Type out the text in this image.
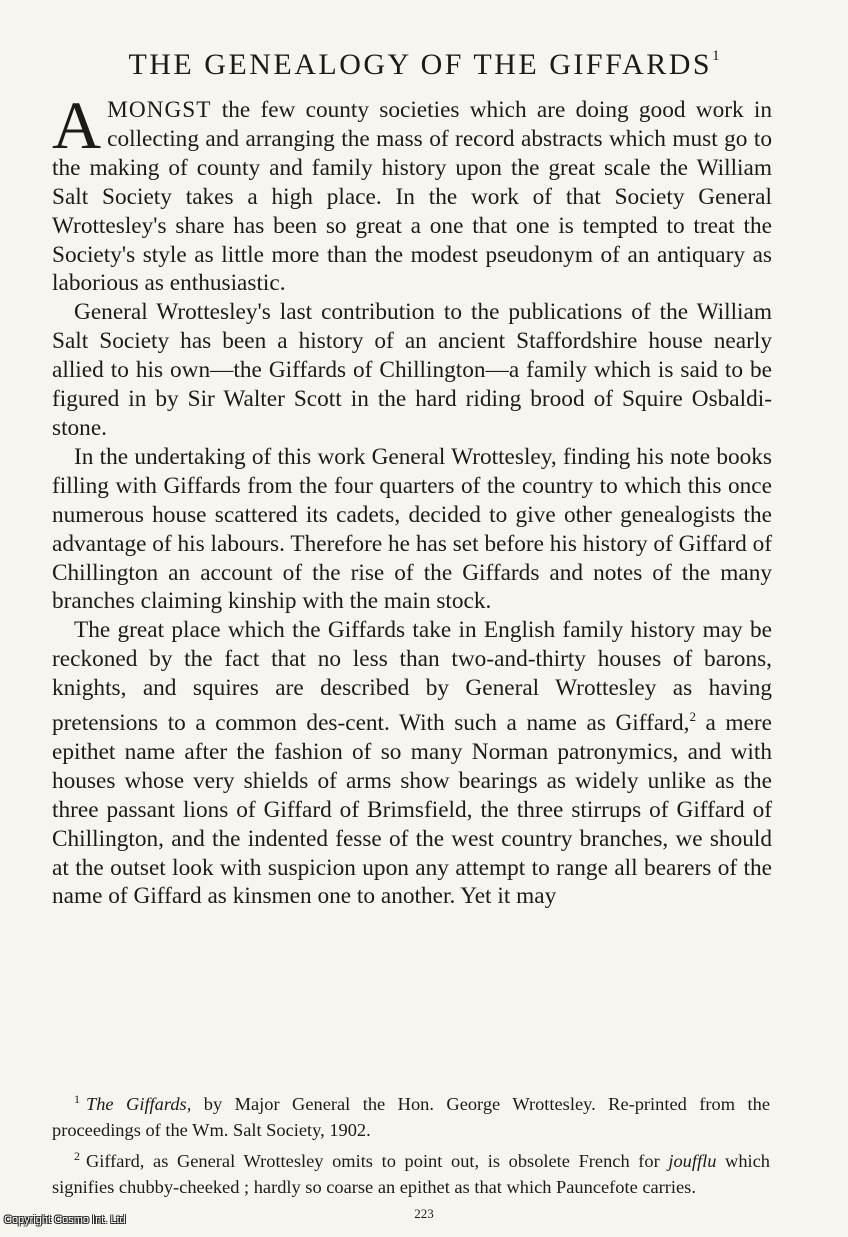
THE GENEALOGY OF THE GIFFARDS$^1$

AMONGST the few county societies which are doing good work in collecting and arranging the mass of record abstracts which must go to the making of county and family history upon the great scale the William Salt Society takes a high place. In the work of that Society General Wrottesley's share has been so great a one that one is tempted to treat the Society's style as little more than the modest pseudonym of an antiquary as laborious as enthusiastic.

General Wrottesley's last contribution to the publications of the William Salt Society has been a history of an ancient Staffordshire house nearly allied to his own—the Giffards of Chillington—a family which is said to be figured in by Sir Walter Scott in the hard riding brood of Squire Osbaldi-stone.

In the undertaking of this work General Wrottesley, finding his note books filling with Giffards from the four quarters of the country to which this once numerous house scattered its cadets, decided to give other genealogists the advantage of his labours. Therefore he has set before his history of Giffard of Chillington an account of the rise of the Giffards and notes of the many branches claiming kinship with the main stock.

The great place which the Giffards take in English family history may be reckoned by the fact that no less than two-and-thirty houses of barons, knights, and squires are described by General Wrottesley as having pretensions to a common des-cent. With such a name as Giffard,$^2$ a mere epithet name after the fashion of so many Norman patronymics, and with houses whose very shields of arms show bearings as widely unlike as the three passant lions of Giffard of Brimsfield, the three stirrups of Giffard of Chillington, and the indented fesse of the west country branches, we should at the outset look with suspicion upon any attempt to range all bearers of the name of Giffard as kinsmen one to another. Yet it may

$^1$ The Giffards, by Major General the Hon. George Wrottesley. Re-printed from the proceedings of the Wm. Salt Society, 1902.

$^2$ Giffard, as General Wrottesley omits to point out, is obsolete French for joufflu which signifies chubby-cheeked ; hardly so coarse an epithet as that which Pauncefote carries.

223
Copyright Cosmo Int. Ltd
